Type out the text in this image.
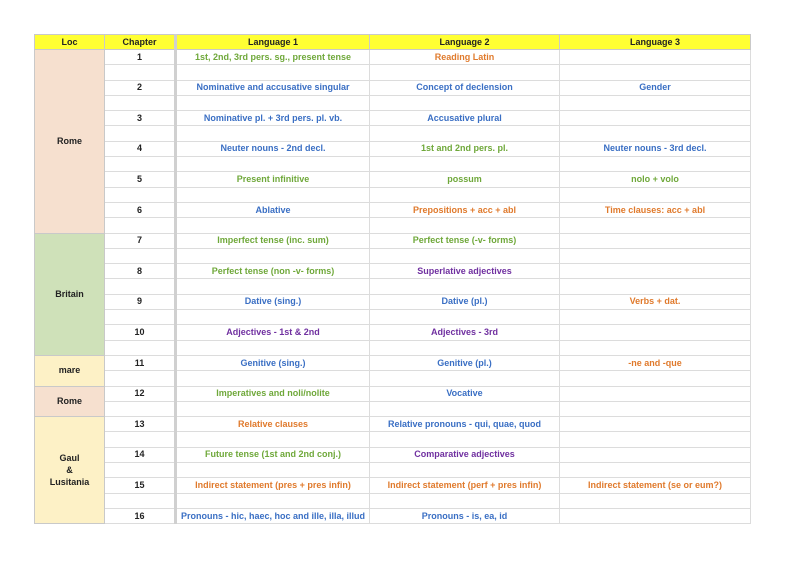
Loc	Chapter	Language 1	Language 2	Language 3
Rome	1	1st, 2nd, 3rd pers. sg., present tense	Reading Latin	

	2	Nominative and accusative singular	Concept of declension	Gender

	3	Nominative pl. + 3rd pers. pl. vb.	Accusative plural	

	4	Neuter nouns - 2nd decl.	1st and 2nd pers. pl.	Neuter nouns - 3rd decl.

	5	Present infinitive	possum	nolo + volo

	6	Ablative	Prepositions + acc + abl	Time clauses: acc + abl

Britain	7	Imperfect tense (inc. sum)	Perfect tense (-v- forms)	

	8	Perfect tense (non -v- forms)	Superlative adjectives	

	9	Dative (sing.)	Dative (pl.)	Verbs + dat.

	10	Adjectives - 1st & 2nd	Adjectives - 3rd	

mare	11	Genitive (sing.)	Genitive (pl.)	-ne and -que

Rome	12	Imperatives and noli/nolite	Vocative	

Gaul
&
Lusitania	13	Relative clauses	Relative pronouns - qui, quae, quod	

	14	Future tense (1st and 2nd conj.)	Comparative adjectives	

	15	Indirect statement (pres + pres infin)	Indirect statement (perf + pres infin)	Indirect statement (se or eum?)

	16	Pronouns - hic, haec, hoc and ille, illa, illud	Pronouns - is, ea, id	
